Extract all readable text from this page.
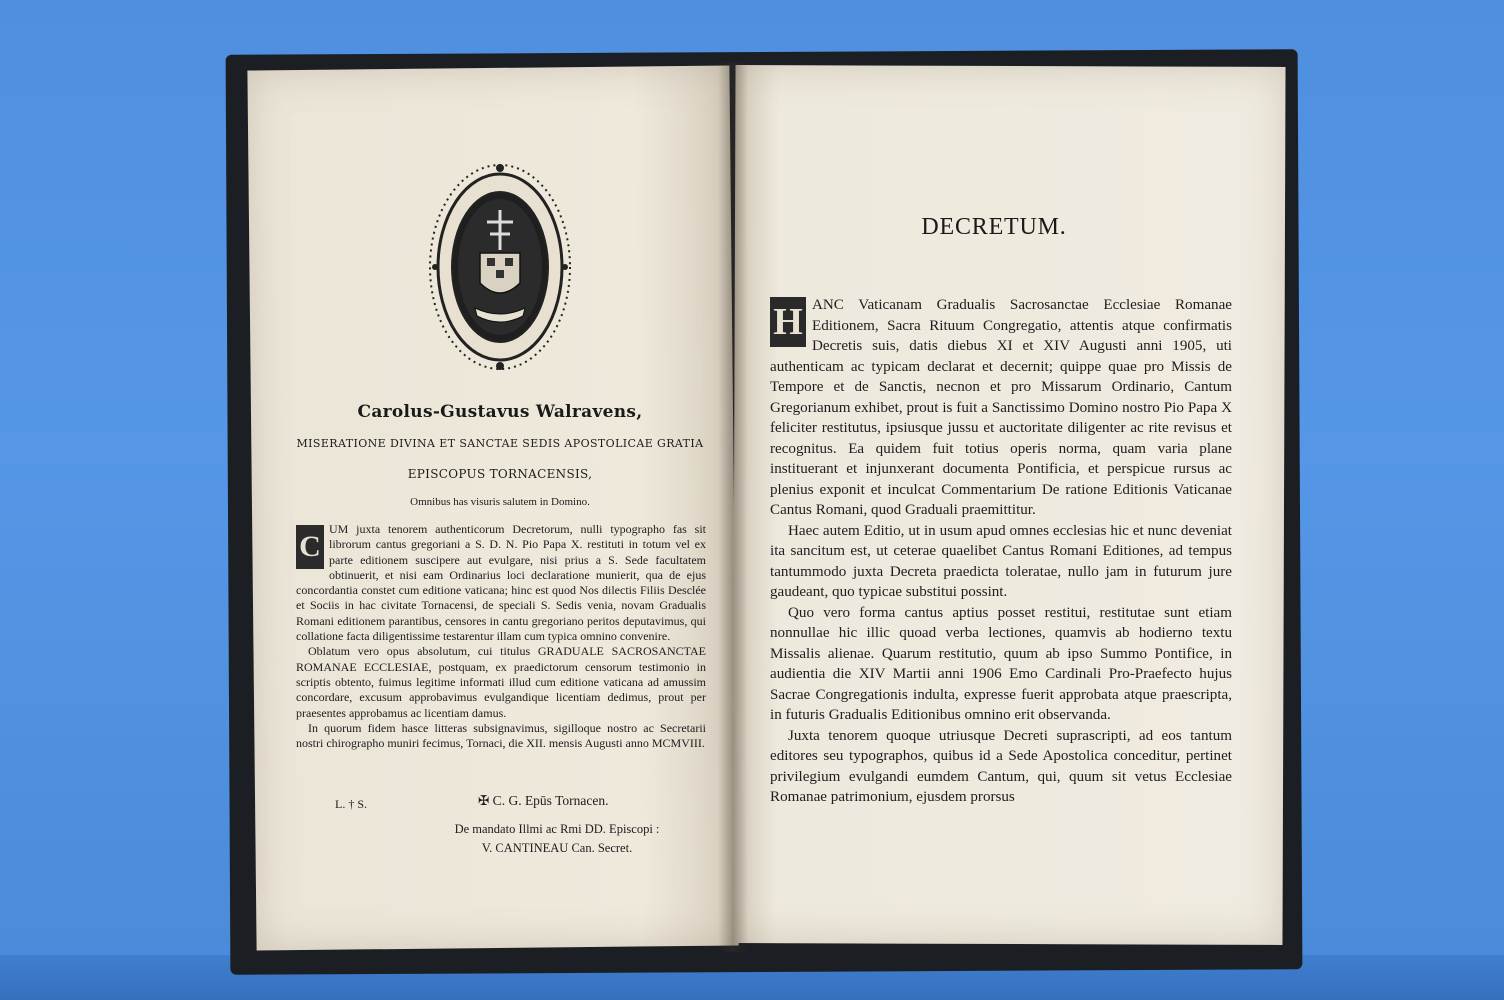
Carolus-Gustavus Walravens,
MISERATIONE DIVINA ET SANCTAE SEDIS APOSTOLICAE GRATIA
EPISCOPUS TORNACENSIS,
Omnibus has visuris salutem in Domino.

C
UM juxta tenorem authenticorum Decretorum, nulli typographo fas sit librorum cantus gregoriani a S. D. N. Pio Papa X. restituti in totum vel ex parte editionem suscipere aut evulgare, nisi prius a S. Sede facultatem obtinuerit, et nisi eam Ordinarius loci declaratione munierit, qua de ejus concordantia constet cum editione vaticana; hinc est quod Nos dilectis Filiis Desclée et Sociis in hac civitate Tornacensi, de speciali S. Sedis venia, novam Gradualis Romani editionem parantibus, censores in cantu gregoriano peritos deputavimus, qui collatione facta diligentissime testarentur illam cum typica omnino convenire.

Oblatum vero opus absolutum, cui titulus GRADUALE SACROSANCTAE ROMANAE ECCLESIAE, postquam, ex praedictorum censorum testimonio in scriptis obtento, fuimus legitime informati illud cum editione vaticana ad amussim concordare, excusum approbavimus evulgandique licentiam dedimus, prout per praesentes approbamus ac licentiam damus.

In quorum fidem hasce litteras subsignavimus, sigilloque nostro ac Secretarii nostri chirographo muniri fecimus, Tornaci, die XII. mensis Augusti anno MCMVIII.

L. † S.	✠ C. G. Epūs Tornacen.
De mandato Illmi ac Rmi DD. Episcopi :
V. CANTINEAU Can. Secret.
DECRETUM.

H ANC Vaticanam Gradualis Sacrosanctae Ecclesiae Romanae Editionem, Sacra Rituum Congregatio, attentis atque confirmatis Decretis suis, datis diebus XI et XIV Augusti anni 1905, uti authenticam ac typicam declarat et decernit; quippe quae pro Missis de Tempore et de Sanctis, necnon et pro Missarum Ordinario, Cantum Gregorianum exhibet, prout is fuit a Sanctissimo Domino nostro Pio Papa X feliciter restitutus, ipsiusque jussu et auctoritate diligenter ac rite revisus et recognitus. Ea quidem fuit totius operis norma, quam varia plane instituerant et injunxerant documenta Pontificia, et perspicue rursus ac plenius exponit et inculcat Commentarium De ratione Editionis Vaticanae Cantus Romani, quod Graduali praemittitur.

Haec autem Editio, ut in usum apud omnes ecclesias hic et nunc deveniat ita sancitum est, ut ceterae quaelibet Cantus Romani Editiones, ad tempus tantummodo juxta Decreta praedicta toleratae, nullo jam in futurum jure gaudeant, quo typicae substitui possint.

Quo vero forma cantus aptius posset restitui, restitutae sunt etiam nonnullae hic illic quoad verba lectiones, quamvis ab hodierno textu Missalis alienae. Quarum restitutio, quum ab ipso Summo Pontifice, in audientia die XIV Martii anni 1906 Emo Cardinali Pro-Praefecto hujus Sacrae Congregationis indulta, expresse fuerit approbata atque praescripta, in futuris Gradualis Editionibus omnino erit observanda.

Juxta tenorem quoque utriusque Decreti suprascripti, ad eos tantum editores seu typographos, quibus id a Sede Apostolica conceditur, pertinet privilegium evulgandi eumdem Cantum, qui, quum sit vetus Ecclesiae Romanae patrimonium, ejusdem prorsus
